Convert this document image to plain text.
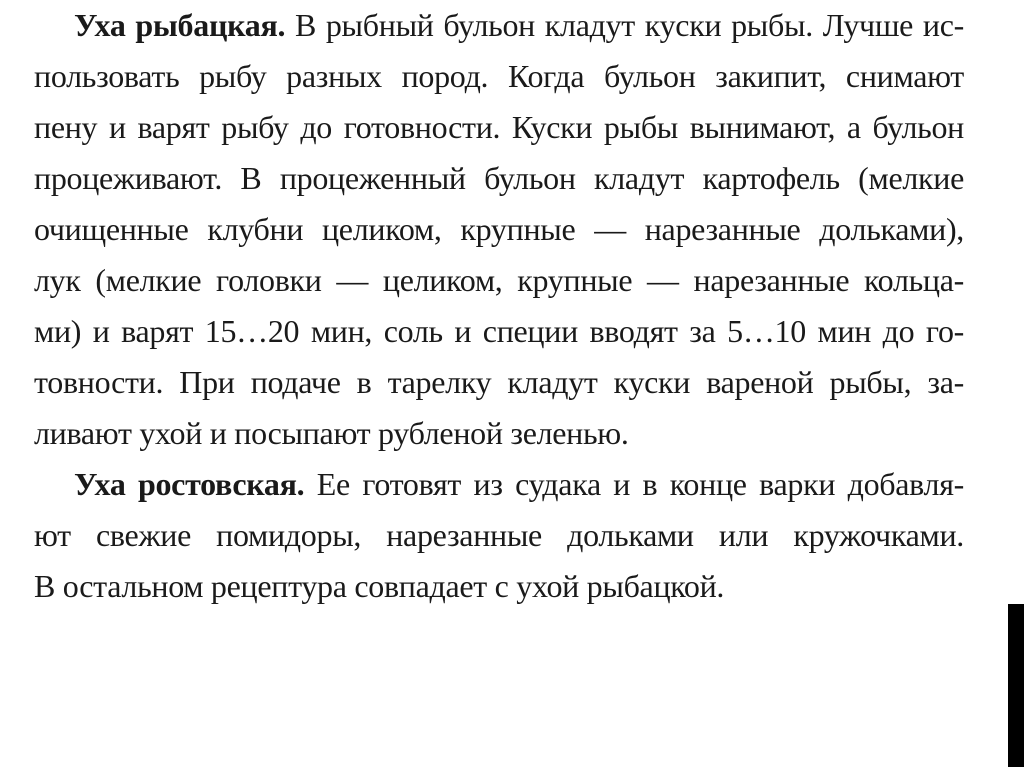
Уха рыбацкая. В рыбный бульон кладут куски рыбы. Лучше ис-
пользовать рыбу разных пород. Когда бульон закипит, снимают
пену и варят рыбу до готовности. Куски рыбы вынимают, а бульон
процеживают. В процеженный бульон кладут картофель (мелкие
очищенные клубни целиком, крупные — нарезанные дольками),
лук (мелкие головки — целиком, крупные — нарезанные кольца-
ми) и варят 15…20 мин, соль и специи вводят за 5…10 мин до го-
товности. При подаче в тарелку кладут куски вареной рыбы, за-
ливают ухой и посыпают рубленой зеленью.
Уха ростовская. Ее готовят из судака и в конце варки добавля-
ют свежие помидоры, нарезанные дольками или кружочками.
В остальном рецептура совпадает с ухой рыбацкой.
